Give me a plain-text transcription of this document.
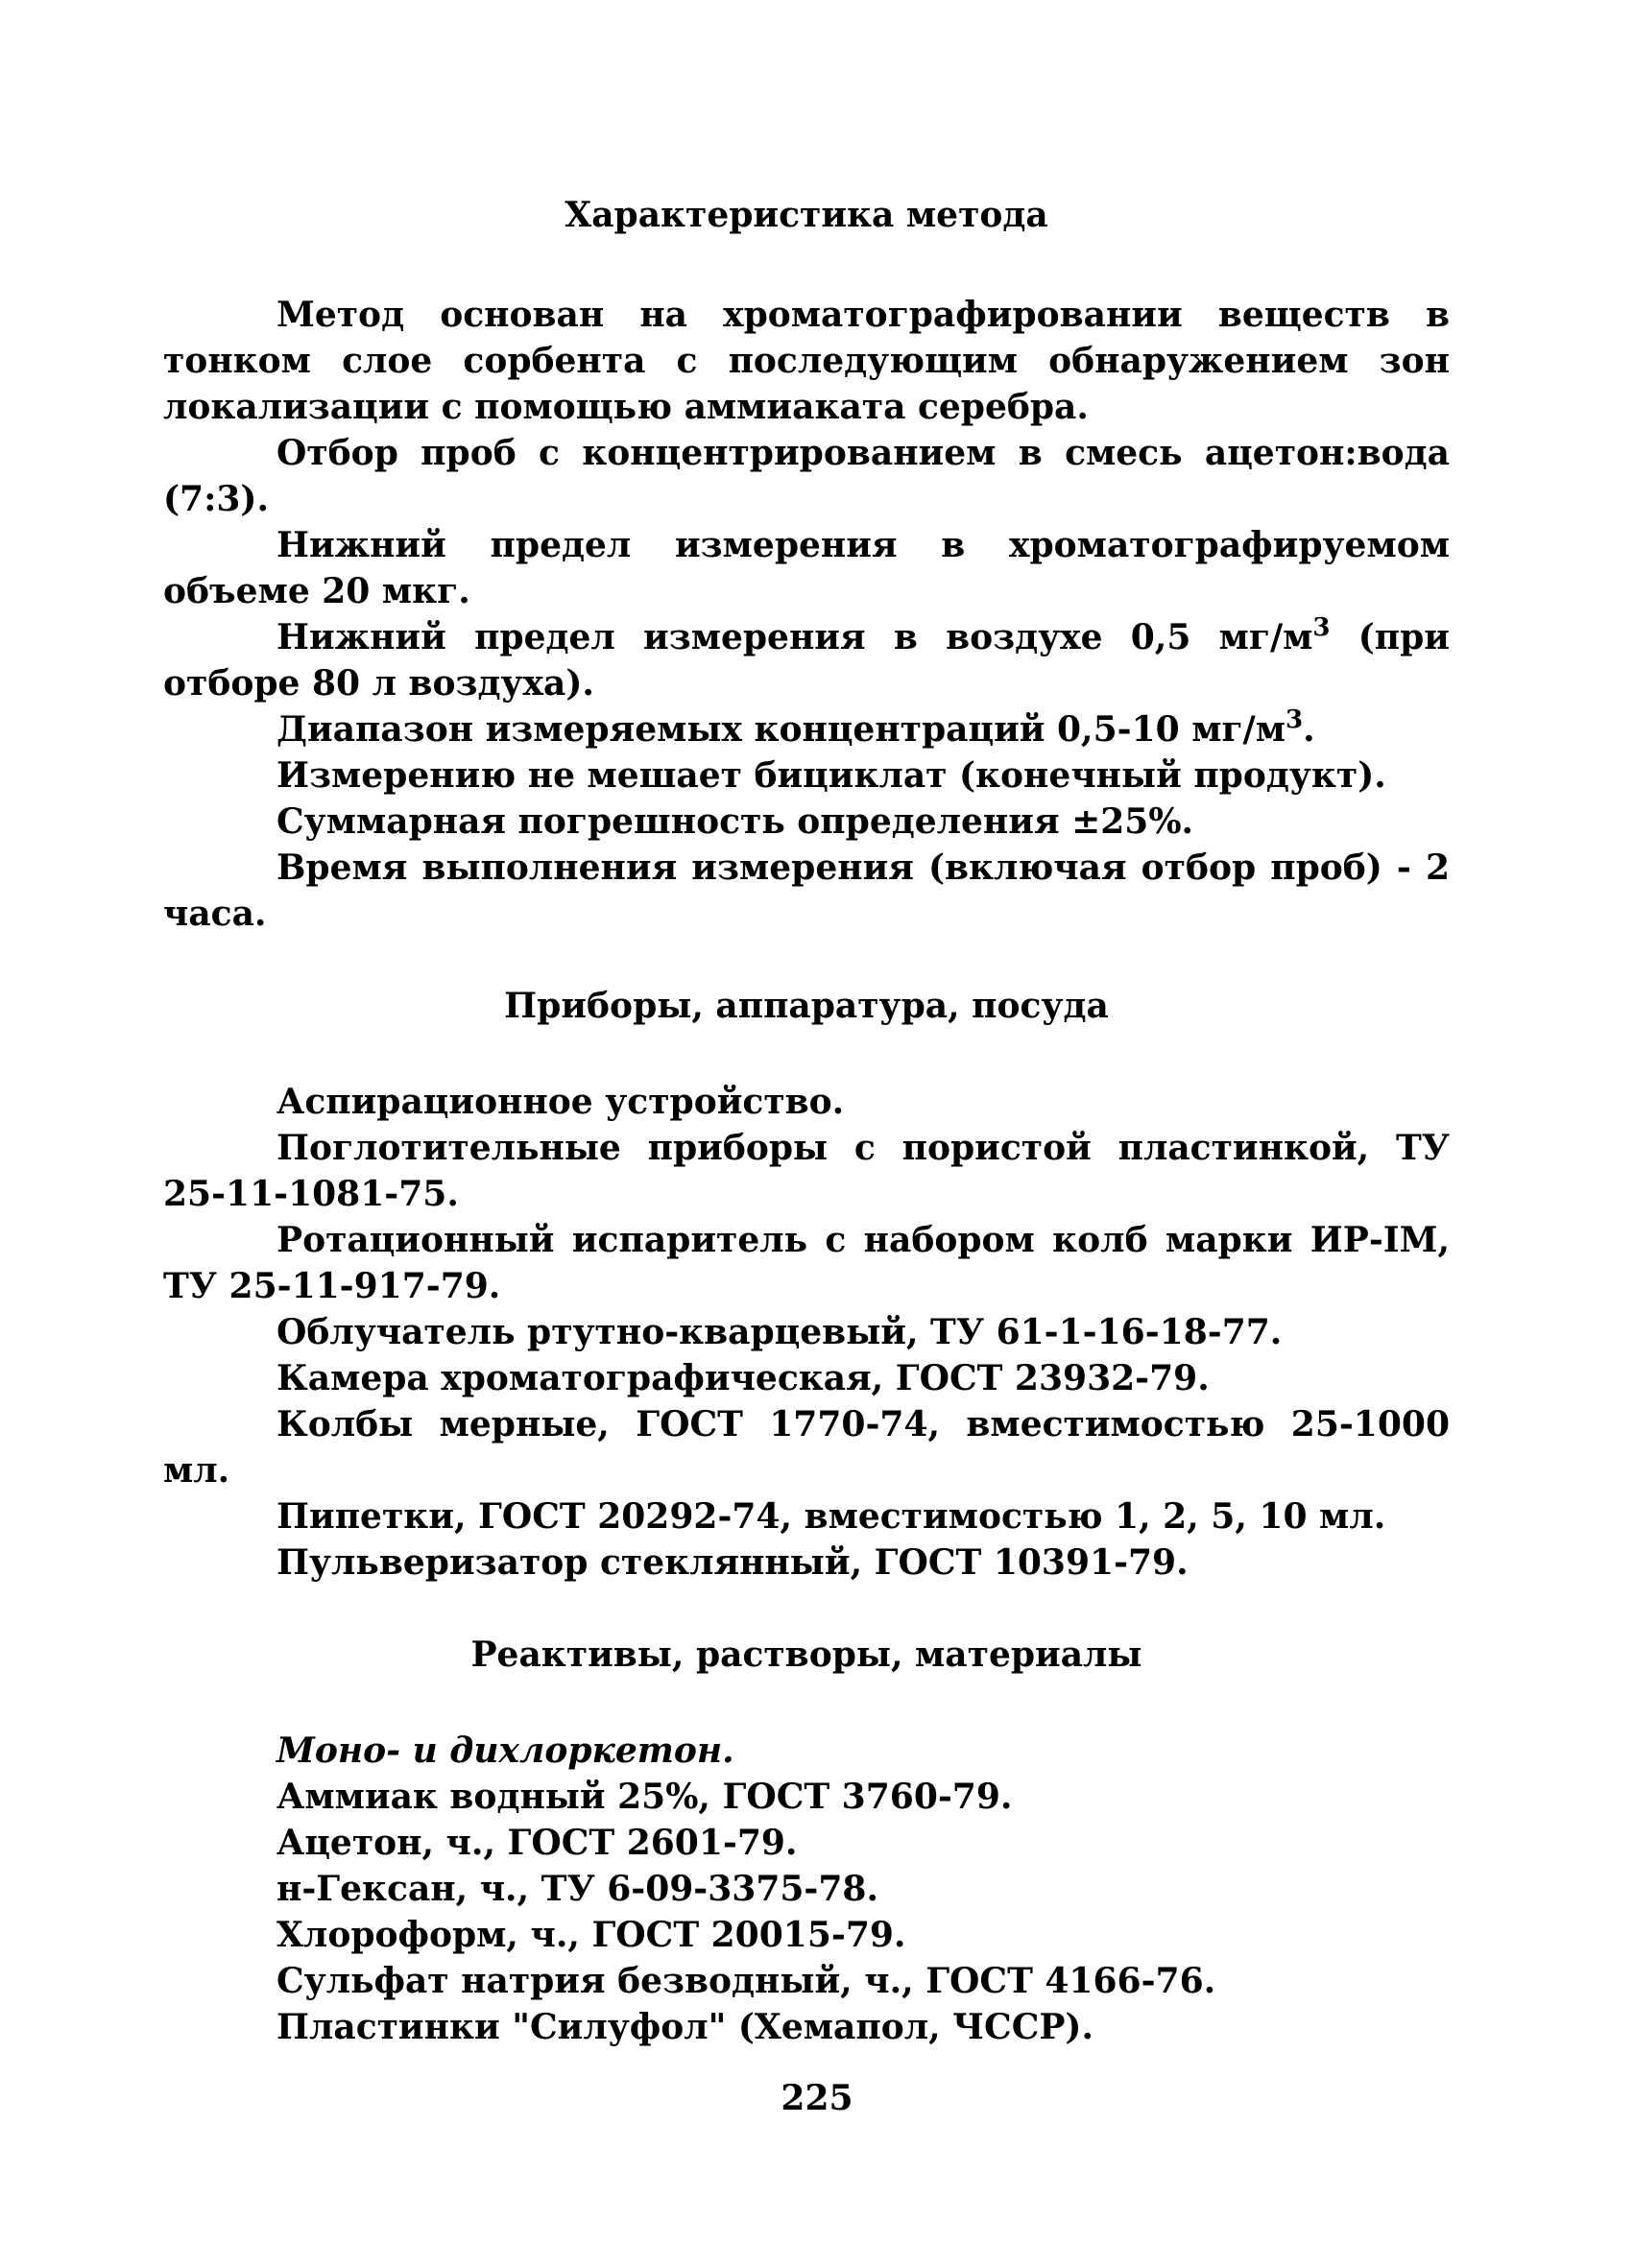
Характеристика метода

Метод основан на хроматографировании веществ в тонком слое сорбента с последующим обнаружением зон локализации с помощью аммиаката серебра.

Отбор проб с концентрированием в смесь ацетон:вода (7:3).

Нижний предел измерения в хроматографируемом объеме 20 мкг.

Нижний предел измерения в воздухе 0,5 $мг/м^3$ (при отборе 80 л воздуха).

Диапазон измеряемых концентраций 0,5-10 $мг/м^3$.

Измерению не мешает бициклат (конечный продукт).

Суммарная погрешность определения ±25%.

Время выполнения измерения (включая отбор проб) - 2 часа.

Приборы, аппаратура, посуда
Аспирационное устройство.
Поглотительные приборы с пористой пластинкой, ТУ 25-11-1081-75.
Ротационный испаритель с набором колб марки ИР-IM, ТУ 25-11-917-79.
Облучатель ртутно-кварцевый, ТУ 61-1-16-18-77.
Камера хроматографическая, ГОСТ 23932-79.
Колбы мерные, ГОСТ 1770-74, вместимостью 25-1000 мл.
Пипетки, ГОСТ 20292-74, вместимостью 1, 2, 5, 10 мл.
Пульверизатор стеклянный, ГОСТ 10391-79.
Реактивы, растворы, материалы
Моно- и дихлоркетон.
Аммиак водный 25%, ГОСТ 3760-79.
Ацетон, ч., ГОСТ 2601-79.
н-Гексан, ч., ТУ 6-09-3375-78.
Хлороформ, ч., ГОСТ 20015-79.
Сульфат натрия безводный, ч., ГОСТ 4166-76.
Пластинки "Силуфол" (Хемапол, ЧССР).
225
